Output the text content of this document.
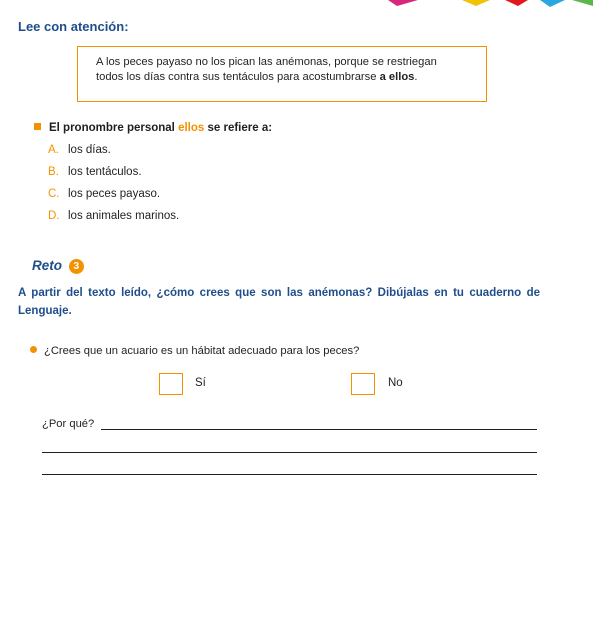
Lee con atención:
A los peces payaso no los pican las anémonas, porque se restriegan
todos los días contra sus tentáculos para acostumbrarse a ellos.
El pronombre personal ellos se refiere a:
A. los días.
B. los tentáculos.
C. los peces payaso.
D. los animales marinos.
Reto 3
A partir del texto leído, ¿cómo crees que son las anémonas? Dibújalas en tu cuaderno de Lenguaje.
¿Crees que un acuario es un hábitat adecuado para los peces?
Sí	No
¿Por qué?
